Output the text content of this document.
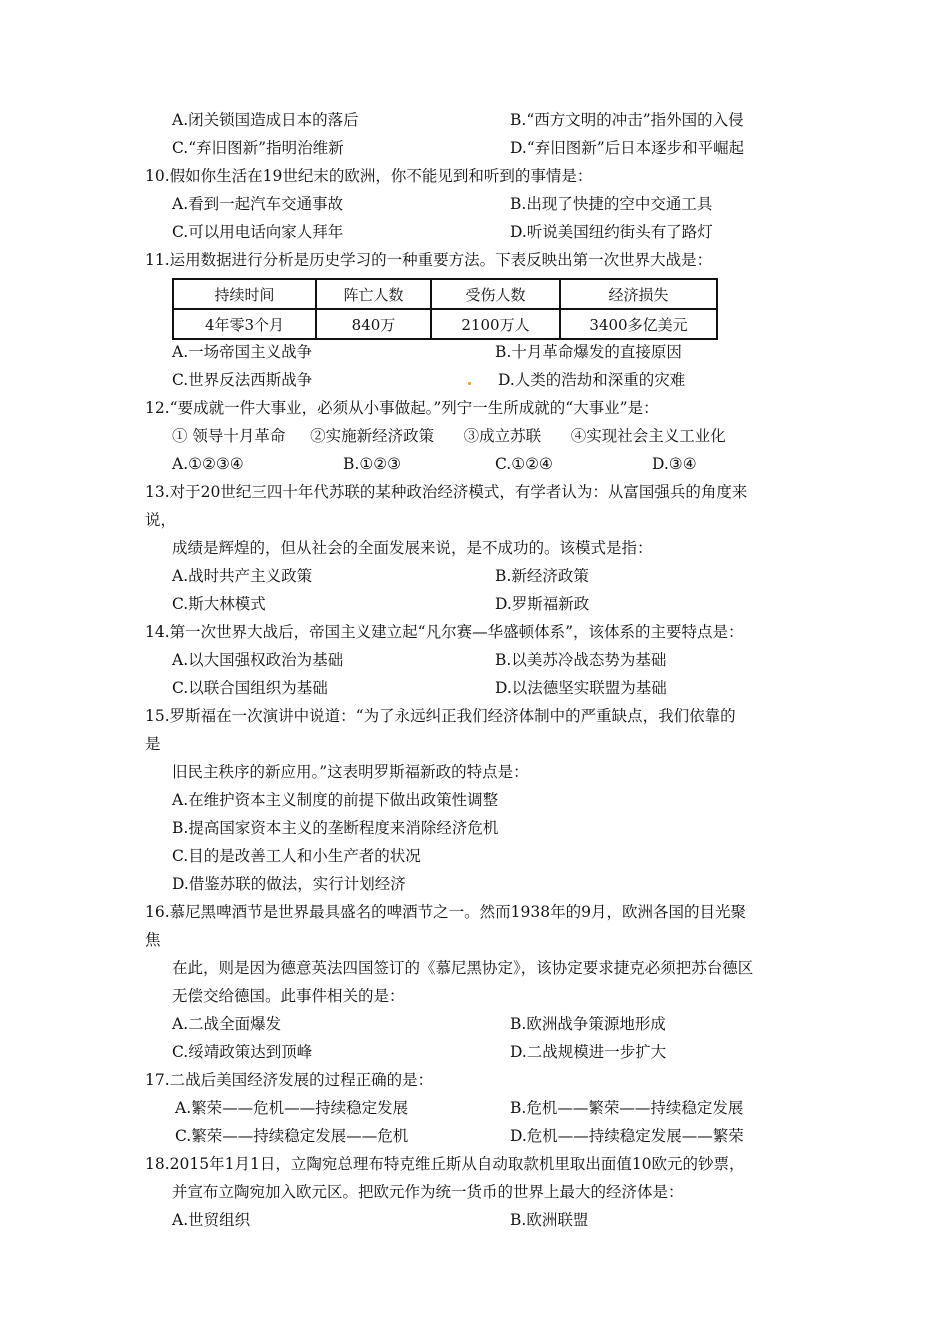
A.闭关锁国造成日本的落后	B.“西方文明的冲击”指外国的入侵
C.“弃旧图新”指明治维新	D.“弃旧图新”后日本逐步和平崛起
10.假如你生活在19世纪末的欧洲，你不能见到和听到的事情是：
A.看到一起汽车交通事故	B.出现了快捷的空中交通工具
C.可以用电话向家人拜年	D.听说美国纽约街头有了路灯
11.运用数据进行分析是历史学习的一种重要方法。下表反映出第一次世界大战是：
持续时间	阵亡人数	受伤人数	经济损失
4年零3个月	840万	2100万人	3400多亿美元
A.一场帝国主义战争	B.十月革命爆发的直接原因
C.世界反法西斯战争	D.人类的浩劫和深重的灾难
12.“要成就一件大事业，必须从小事做起。”列宁一生所成就的“大事业”是：
① 领导十月革命     ②实施新经济政策      ③成立苏联      ④实现社会主义工业化
A.①②③④	B.①②③	C.①②④	D.③④
13.对于20世纪三四十年代苏联的某种政治经济模式，有学者认为：从富国强兵的角度来
说，
成绩是辉煌的，但从社会的全面发展来说，是不成功的。该模式是指：
A.战时共产主义政策	B.新经济政策
C.斯大林模式	D.罗斯福新政
14.第一次世界大战后，帝国主义建立起“凡尔赛—华盛顿体系”，该体系的主要特点是：
A.以大国强权政治为基础	B.以美苏冷战态势为基础
C.以联合国组织为基础	D.以法德坚实联盟为基础
15.罗斯福在一次演讲中说道：“为了永远纠正我们经济体制中的严重缺点，我们依靠的
是
旧民主秩序的新应用。”这表明罗斯福新政的特点是：
A.在维护资本主义制度的前提下做出政策性调整
B.提高国家资本主义的垄断程度来消除经济危机
C.目的是改善工人和小生产者的状况
D.借鉴苏联的做法，实行计划经济
16.慕尼黑啤酒节是世界最具盛名的啤酒节之一。然而1938年的9月，欧洲各国的目光聚
焦
在此，则是因为德意英法四国签订的《慕尼黑协定》，该协定要求捷克必须把苏台德区
无偿交给德国。此事件相关的是：
A.二战全面爆发	B.欧洲战争策源地形成
C.绥靖政策达到顶峰	D.二战规模进一步扩大
17.二战后美国经济发展的过程正确的是：
A.繁荣——危机——持续稳定发展	B.危机——繁荣——持续稳定发展
C.繁荣——持续稳定发展——危机	D.危机——持续稳定发展——繁荣
18.2015年1月1日，立陶宛总理布特克维丘斯从自动取款机里取出面值10欧元的钞票，
并宣布立陶宛加入欧元区。把欧元作为统一货币的世界上最大的经济体是：
A.世贸组织	B.欧洲联盟
